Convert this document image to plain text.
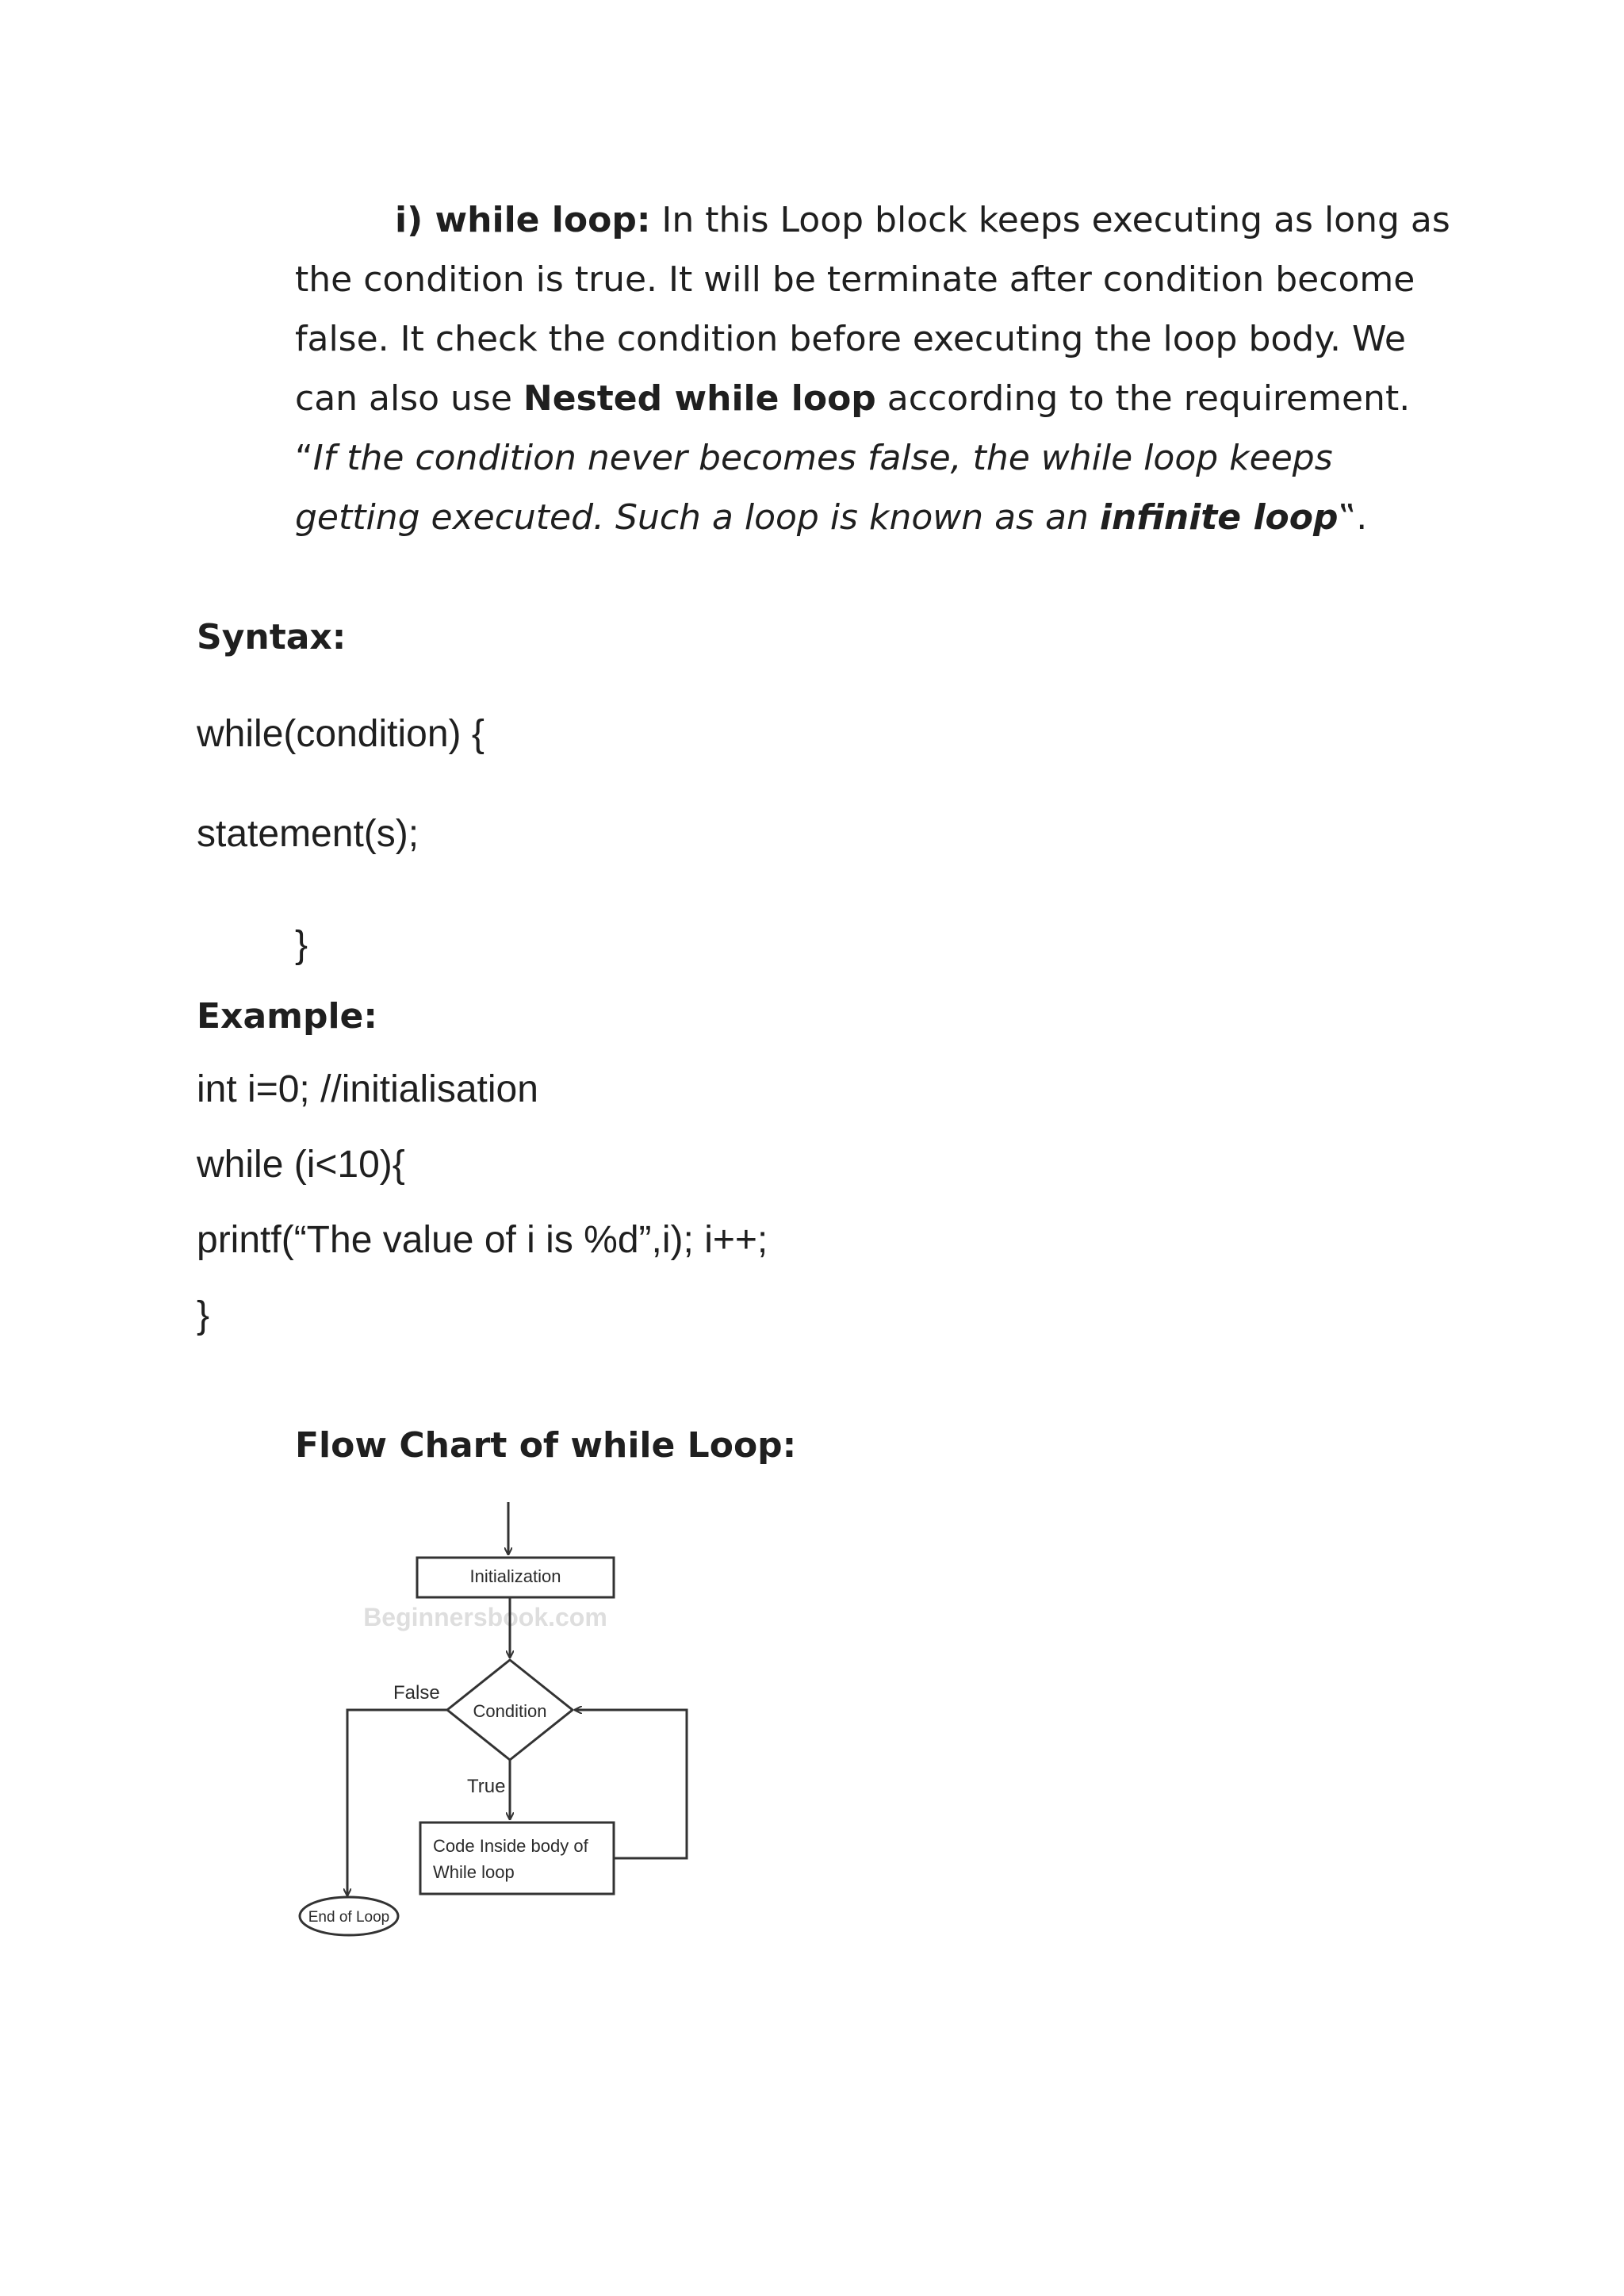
i) while loop: In this Loop block keeps executing as long as the condition is true. It will be terminate after condition become false. It check the condition before executing the loop body. We can also use Nested while loop according to the requirement. “If the condition never becomes false, the while loop keeps getting executed. Such a loop is known as an infinite loop‟.
Syntax:
while(condition) {
statement(s);
}
Example:
int i=0; //initialisation
while (i<10){
printf(“The value of i is %d”,i); i++;
}
Flow Chart of while Loop:
Initialization
Beginnersbook.com
Condition
False
True
Code Inside body of
While loop
End of Loop
